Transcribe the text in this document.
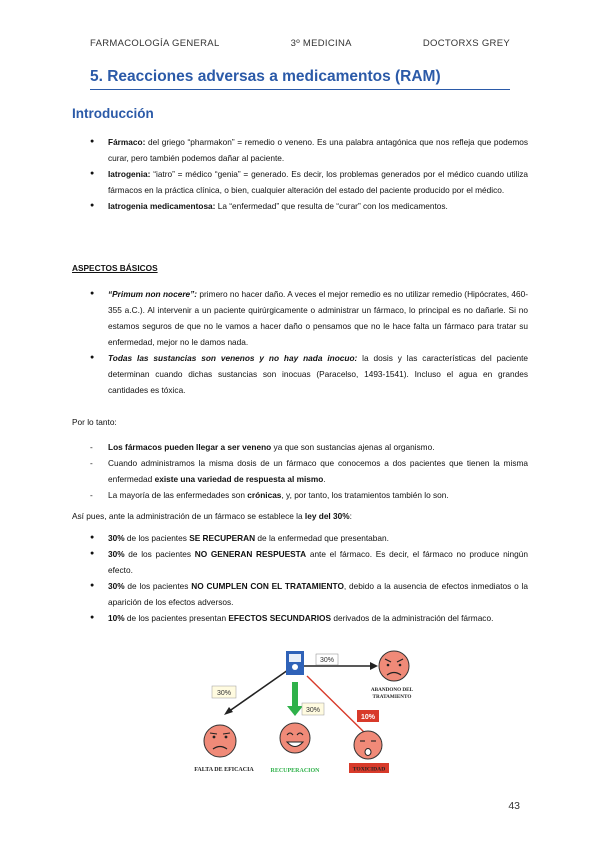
FARMACOLOGÍA GENERAL	3º MEDICINA	DOCTORXS GREY
5. Reacciones adversas a medicamentos (RAM)
Introducción
● Fármaco: del griego “pharmakon” = remedio o veneno. Es una palabra antagónica que nos refleja que podemos curar, pero también podemos dañar al paciente.
● Iatrogenia: “iatro” = médico “genia” = generado. Es decir, los problemas generados por el médico cuando utiliza fármacos en la práctica clínica, o bien, cualquier alteración del estado del paciente producido por el médico.
● Iatrogenia medicamentosa: La “enfermedad” que resulta de “curar” con los medicamentos.

ASPECTOS BÁSICOS

● “Primum non nocere”: primero no hacer daño. A veces el mejor remedio es no utilizar remedio (Hipócrates, 460-355 a.C.). Al intervenir a un paciente quirúrgicamente o administrar un fármaco, lo principal es no dañarle. Si no estamos seguros de que no le vamos a hacer daño o pensamos que no le hace falta un fármaco para tratar su enfermedad, mejor no le damos nada.
● Todas las sustancias son venenos y no hay nada inocuo: la dosis y las características del paciente determinan cuando dichas sustancias son inocuas (Paracelso, 1493-1541). Incluso el agua en grandes cantidades es tóxica.

Por lo tanto:

- Los fármacos pueden llegar a ser veneno ya que son sustancias ajenas al organismo.
- Cuando administramos la misma dosis de un fármaco que conocemos a dos pacientes que tienen la misma enfermedad existe una variedad de respuesta al mismo.
- La mayoría de las enfermedades son crónicas, y, por tanto, los tratamientos también lo son.

Así pues, ante la administración de un fármaco se establece la ley del 30%:

● 30% de los pacientes SE RECUPERAN de la enfermedad que presentaban.
● 30% de los pacientes NO GENERAN RESPUESTA ante el fármaco. Es decir, el fármaco no produce ningún efecto.
● 30% de los pacientes NO CUMPLEN CON EL TRATAMIENTO, debido a la ausencia de efectos inmediatos o la aparición de los efectos adversos.
● 10% de los pacientes presentan EFECTOS SECUNDARIOS derivados de la administración del fármaco.
30%
30%
30%
10%
ABANDONO DEL
TRATAMIENTO
FALTA DE EFICACIA	RECUPERACION	TOXICIDAD
43
